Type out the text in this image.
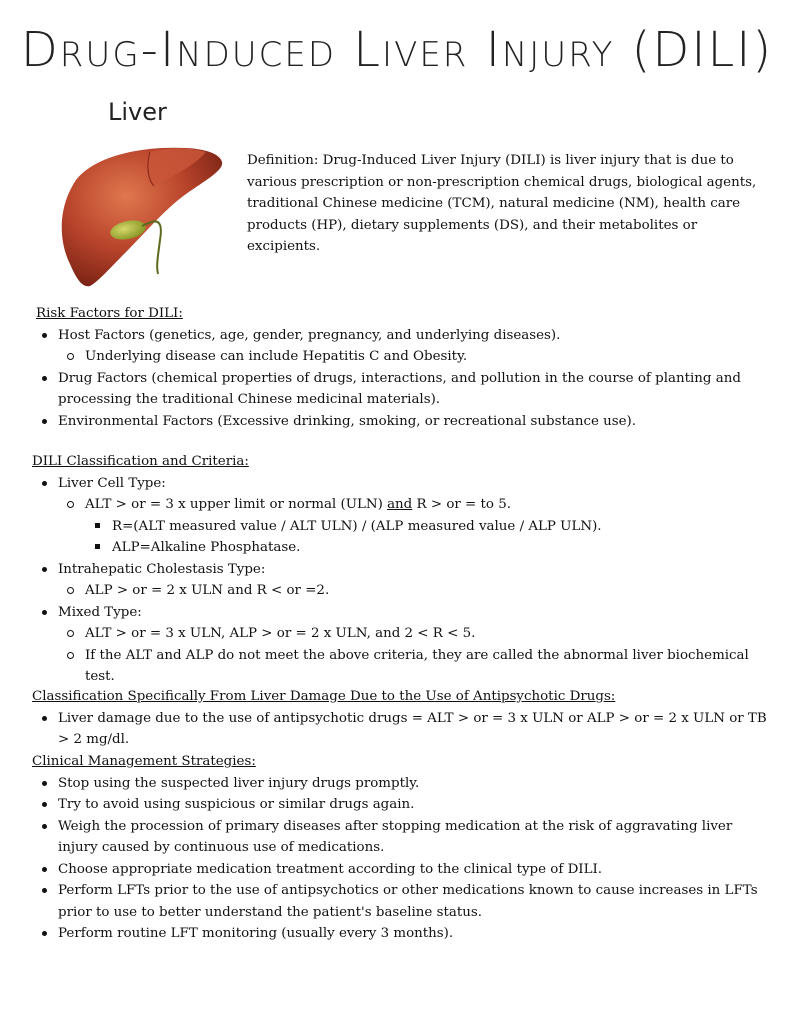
Drug-Induced Liver Injury (DILI)
Liver
Definition: Drug-Induced Liver Injury (DILI) is liver injury that is due to various prescription or non-prescription chemical drugs, biological agents, traditional Chinese medicine (TCM), natural medicine (NM), health care products (HP), dietary supplements (DS), and their metabolites or excipients.
Risk Factors for DILI:
Host Factors (genetics, age, gender, pregnancy, and underlying diseases).
Underlying disease can include Hepatitis C and Obesity.
Drug Factors (chemical properties of drugs, interactions, and pollution in the course of planting and processing the traditional Chinese medicinal materials).
Environmental Factors (Excessive drinking, smoking, or recreational substance use).
DILI Classification and Criteria:
Liver Cell Type:
ALT > or = 3 x upper limit or normal (ULN) and R > or = to 5.
R=(ALT measured value / ALT ULN) / (ALP measured value / ALP ULN).
ALP=Alkaline Phosphatase.
Intrahepatic Cholestasis Type:
ALP > or = 2 x ULN and R < or =2.
Mixed Type:
ALT > or = 3 x ULN, ALP > or = 2 x ULN, and 2 < R < 5.
If the ALT and ALP do not meet the above criteria, they are called the abnormal liver biochemical test.
Classification Specifically From Liver Damage Due to the Use of Antipsychotic Drugs:
Liver damage due to the use of antipsychotic drugs = ALT > or = 3 x ULN or ALP > or = 2 x ULN or TB > 2 mg/dl.
Clinical Management Strategies:
Stop using the suspected liver injury drugs promptly.
Try to avoid using suspicious or similar drugs again.
Weigh the procession of primary diseases after stopping medication at the risk of aggravating liver injury caused by continuous use of medications.
Choose appropriate medication treatment according to the clinical type of DILI.
Perform LFTs prior to the use of antipsychotics or other medications known to cause increases in LFTs prior to use to better understand the patient's baseline status.
Perform routine LFT monitoring (usually every 3 months).
